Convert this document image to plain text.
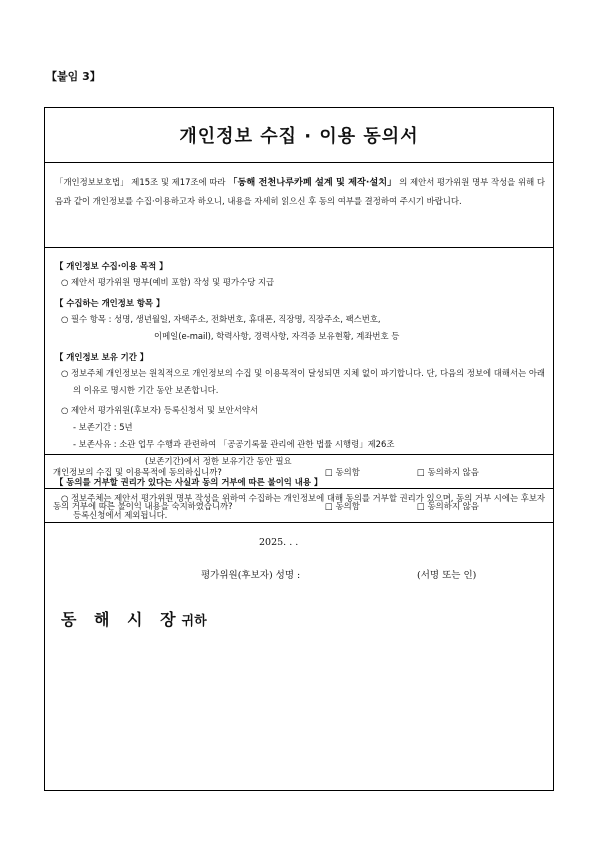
【붙임 3】
개인정보 수집 · 이용 동의서
「개인정보보호법」 제15조 및 제17조에 따라 「동해 전천나루카페 설계 및 제작·설치」 의 제안서 평가위원 명부 작성을 위해 다음과 같이 개인정보를 수집·이용하고자 하오니, 내용을 자세히 읽으신 후 동의 여부를 결정하여 주시기 바랍니다.
【 개인정보 수집·이용 목적 】
○ 제안서 평가위원 명부(예비 포함) 작성 및 평가수당 지급
【 수집하는 개인정보 항목 】
○ 필수 항목 : 성명, 생년월일, 자택주소, 전화번호, 휴대폰, 직장명, 직장주소, 팩스번호,
이메일(e-mail), 학력사항, 경력사항, 자격증 보유현황, 계좌번호 등
【 개인정보 보유 기간 】
○ 정보주체 개인정보는 원칙적으로 개인정보의 수집 및 이용목적이 달성되면 지체 없이 파기합니다. 단, 다음의 정보에 대해서는 아래의 이유로 명시한 기간 동안 보존합니다.
○ 제안서 평가위원(후보자) 등록신청서 및 보안서약서
- 보존기간 : 5년
- 보존사유 : 소관 업무 수행과 관련하여 「공공기록물 관리에 관한 법률 시행령」제26조
(보존기간)에서 정한 보유기간 동안 필요
【 동의를 거부할 권리가 있다는 사실과 동의 거부에 따른 불이익 내용 】
○ 정보주체는 제안서 평가위원 명부 작성을 위하여 수집하는 개인정보에 대해 동의를 거부할 권리가 있으며, 동의 거부 시에는 후보자 등록신청에서 제외됩니다.
개인정보의 수집 및 이용목적에 동의하십니까?	□ 동의함	□ 동의하지 않음
동의 거부에 따른 불이익 내용을 숙지하였습니까?	□ 동의함	□ 동의하지 않음
2025. . .
평가위원(후보자) 성명 :	(서명 또는 인)
동 해 시 장귀하
